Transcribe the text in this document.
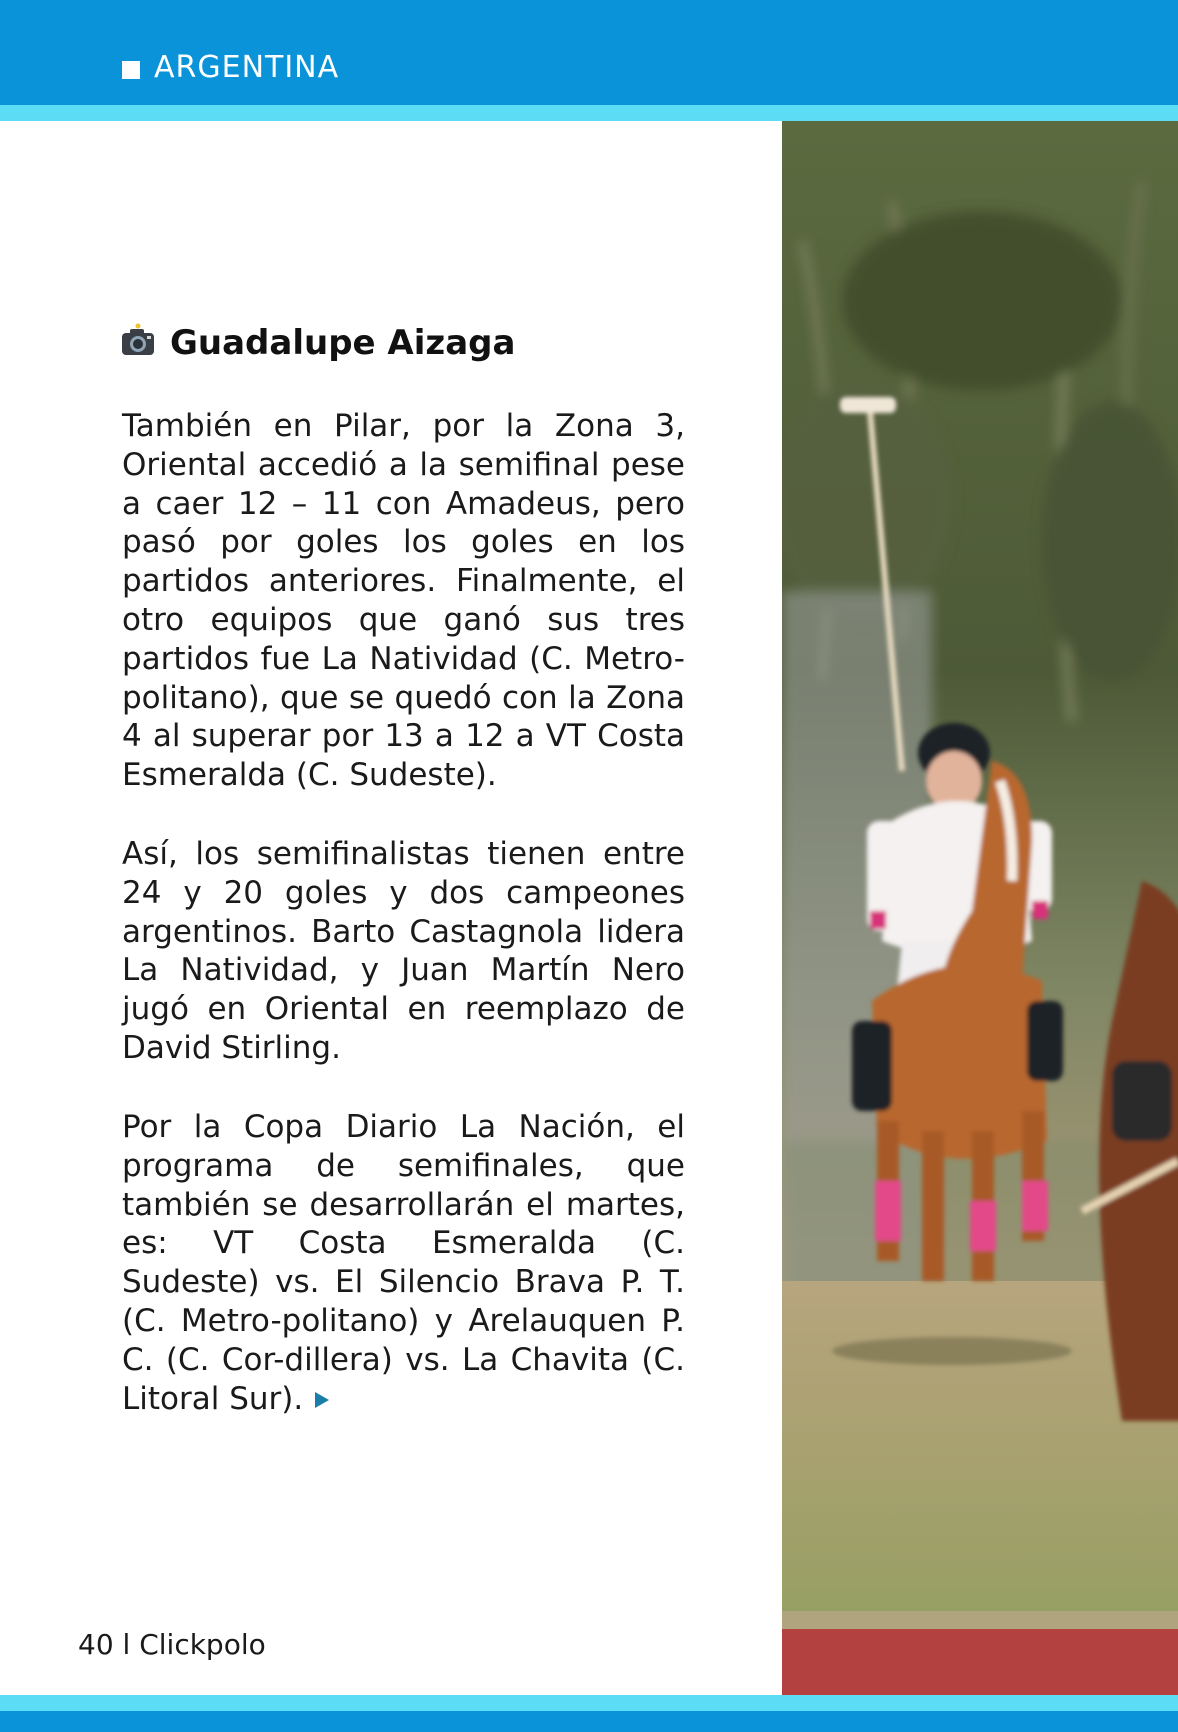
ARGENTINA
Guadalupe Aizaga

También en Pilar, por la Zona 3, Oriental accedió a la semifinal pese a caer 12 – 11 con Amadeus, pero pasó por goles los goles en los partidos anteriores. Finalmente, el otro equipos que ganó sus tres partidos fue La Natividad (C. Metro-politano), que se quedó con la Zona 4 al superar por 13 a 12 a VT Costa Esmeralda (C. Sudeste).

Así, los semifinalistas tienen entre 24 y 20 goles y dos campeones argentinos. Barto Castagnola lidera La Natividad, y Juan Martín Nero jugó en Oriental en reemplazo de David Stirling.

Por la Copa Diario La Nación, el programa de semifinales, que también se desarrollarán el martes, es: VT Costa Esmeralda (C. Sudeste) vs. El Silencio Brava P. T. (C. Metro-politano) y Arelauquen P. C. (C. Cor-dillera) vs. La Chavita (C. Litoral Sur).

40 l Clickpolo
